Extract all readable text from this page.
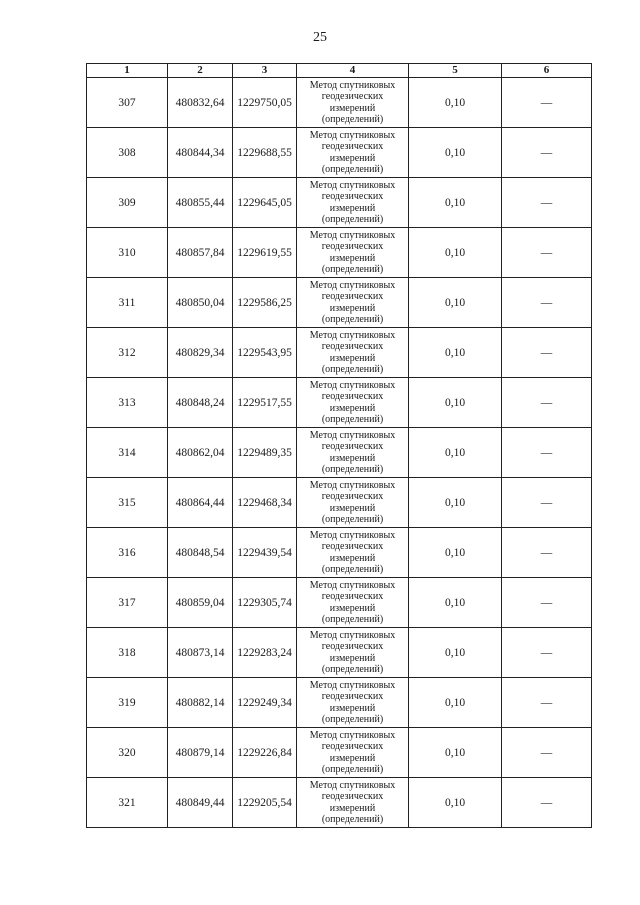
25
1	2	3	4	5	6
307	480832,64	1229750,05	Метод спутниковых
геодезических
измерений
(определений)	0,10	—
308	480844,34	1229688,55	Метод спутниковых
геодезических
измерений
(определений)	0,10	—
309	480855,44	1229645,05	Метод спутниковых
геодезических
измерений
(определений)	0,10	—
310	480857,84	1229619,55	Метод спутниковых
геодезических
измерений
(определений)	0,10	—
311	480850,04	1229586,25	Метод спутниковых
геодезических
измерений
(определений)	0,10	—
312	480829,34	1229543,95	Метод спутниковых
геодезических
измерений
(определений)	0,10	—
313	480848,24	1229517,55	Метод спутниковых
геодезических
измерений
(определений)	0,10	—
314	480862,04	1229489,35	Метод спутниковых
геодезических
измерений
(определений)	0,10	—
315	480864,44	1229468,34	Метод спутниковых
геодезических
измерений
(определений)	0,10	—
316	480848,54	1229439,54	Метод спутниковых
геодезических
измерений
(определений)	0,10	—
317	480859,04	1229305,74	Метод спутниковых
геодезических
измерений
(определений)	0,10	—
318	480873,14	1229283,24	Метод спутниковых
геодезических
измерений
(определений)	0,10	—
319	480882,14	1229249,34	Метод спутниковых
геодезических
измерений
(определений)	0,10	—
320	480879,14	1229226,84	Метод спутниковых
геодезических
измерений
(определений)	0,10	—
321	480849,44	1229205,54	Метод спутниковых
геодезических
измерений
(определений)	0,10	—
